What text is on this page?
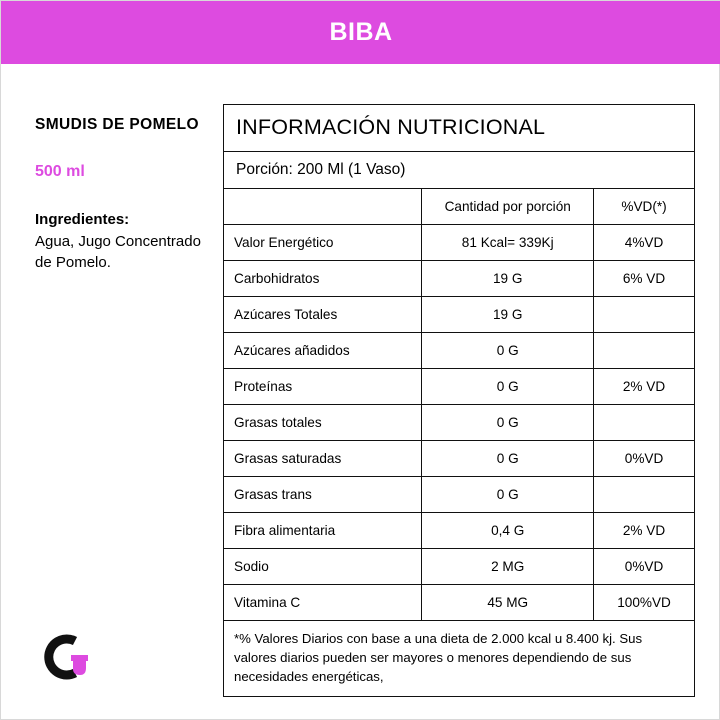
BIBA
SMUDIS DE POMELO
500 ml
Ingredientes:
Agua, Jugo Concentrado de Pomelo.
INFORMACIÓN NUTRICIONAL
Porción: 200 Ml (1 Vaso)
	Cantidad por porción	%VD(*)
Valor Energético	81 Kcal= 339Kj	4%VD
Carbohidratos	19 G	6% VD
Azúcares Totales	19 G	
Azúcares añadidos	0 G	
Proteínas	0 G	2% VD
Grasas totales	0 G	
Grasas saturadas	0 G	0%VD
Grasas trans	0 G	
Fibra alimentaria	0,4 G	2% VD
Sodio	2 MG	0%VD
Vitamina C	45 MG	100%VD
*% Valores Diarios con base a una dieta de 2.000 kcal u 8.400 kj. Sus valores diarios pueden ser mayores o menores dependiendo de sus necesidades energéticas,
